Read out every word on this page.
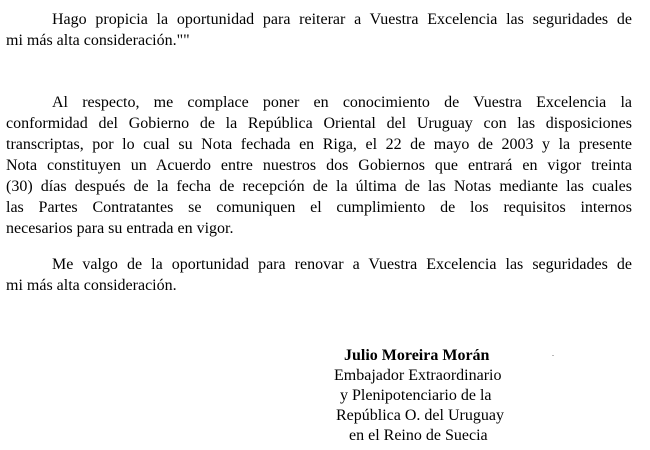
Hago propicia la oportunidad para reiterar a Vuestra Excelencia las seguridades de
mi más alta consideración.""
Al respecto, me complace poner en conocimiento de Vuestra Excelencia la
conformidad del Gobierno de la República Oriental del Uruguay con las disposiciones
transcriptas, por lo cual su Nota fechada en Riga, el 22 de mayo de 2003 y la presente
Nota constituyen un Acuerdo entre nuestros dos Gobiernos que entrará en vigor treinta
(30) días después de la fecha de recepción de la última de las Notas mediante las cuales
las Partes Contratantes se comuniquen el cumplimiento de los requisitos internos
necesarios para su entrada en vigor.
Me valgo de la oportunidad para renovar a Vuestra Excelencia las seguridades de
mi más alta consideración.
Julio Moreira Morán
Embajador Extraordinario
y Plenipotenciario de la
República O. del Uruguay
en el Reino de Suecia
